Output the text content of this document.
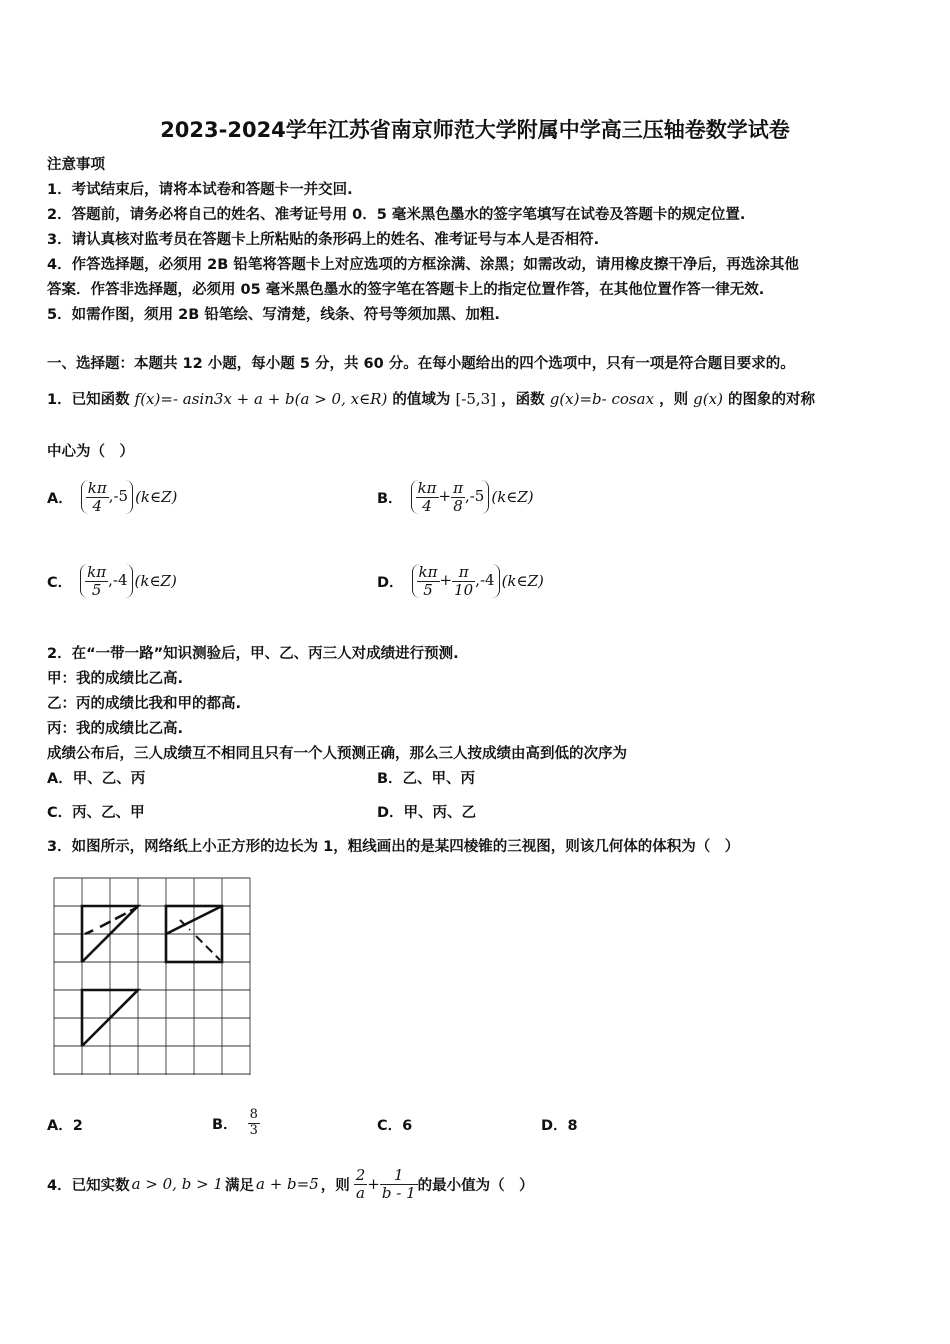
2023-2024学年江苏省南京师范大学附属中学高三压轴卷数学试卷
注意事项
1．考试结束后，请将本试卷和答题卡一并交回.
2．答题前，请务必将自己的姓名、准考证号用 0．5 毫米黑色墨水的签字笔填写在试卷及答题卡的规定位置.
3．请认真核对监考员在答题卡上所粘贴的条形码上的姓名、准考证号与本人是否相符.
4．作答选择题，必须用 2B 铅笔将答题卡上对应选项的方框涂满、涂黑；如需改动，请用橡皮擦干净后，再选涂其他
答案．作答非选择题，必须用 05 毫米黑色墨水的签字笔在答题卡上的指定位置作答，在其他位置作答一律无效.
5．如需作图，须用 2B 铅笔绘、写清楚，线条、符号等须加黑、加粗.
一、选择题：本题共 12 小题，每小题 5 分，共 60 分。在每小题给出的四个选项中，只有一项是符合题目要求的。
1．已知函数 f(x)=- asin3x + a + b(a > 0, x∈R) 的值域为 [-5,3] ，函数 g(x)=b- cosax ，则 g(x) 的图象的对称
中心为（　）
A． $\frac{k\pi}{4} ,-5$ (k∈Z)	B． $\frac{k\pi}{4} + \frac{\pi}{8} ,-5$ (k∈Z)
C． $\frac{k\pi}{5} ,-4$ (k∈Z)	D． $\frac{k\pi}{5} + \frac{\pi}{10} ,-4$ (k∈Z)
2．在“一带一路”知识测验后，甲、乙、丙三人对成绩进行预测.
甲：我的成绩比乙高.
乙：丙的成绩比我和甲的都高.
丙：我的成绩比乙高.
成绩公布后，三人成绩互不相同且只有一个人预测正确，那么三人按成绩由高到低的次序为
A．甲、乙、丙	B．乙、甲、丙
C．丙、乙、甲	D．甲、丙、乙
3．如图所示，网络纸上小正方形的边长为 1，粗线画出的是某四棱锥的三视图，则该几何体的体积为（　）
A．2	B． $\frac{8}{3}$	C．6	D．8
4．已知实数 a > 0, b > 1 满足 a + b=5 ，则 $\frac{2}{a} + \frac{1}{b - 1}$ 的最小值为（　）
